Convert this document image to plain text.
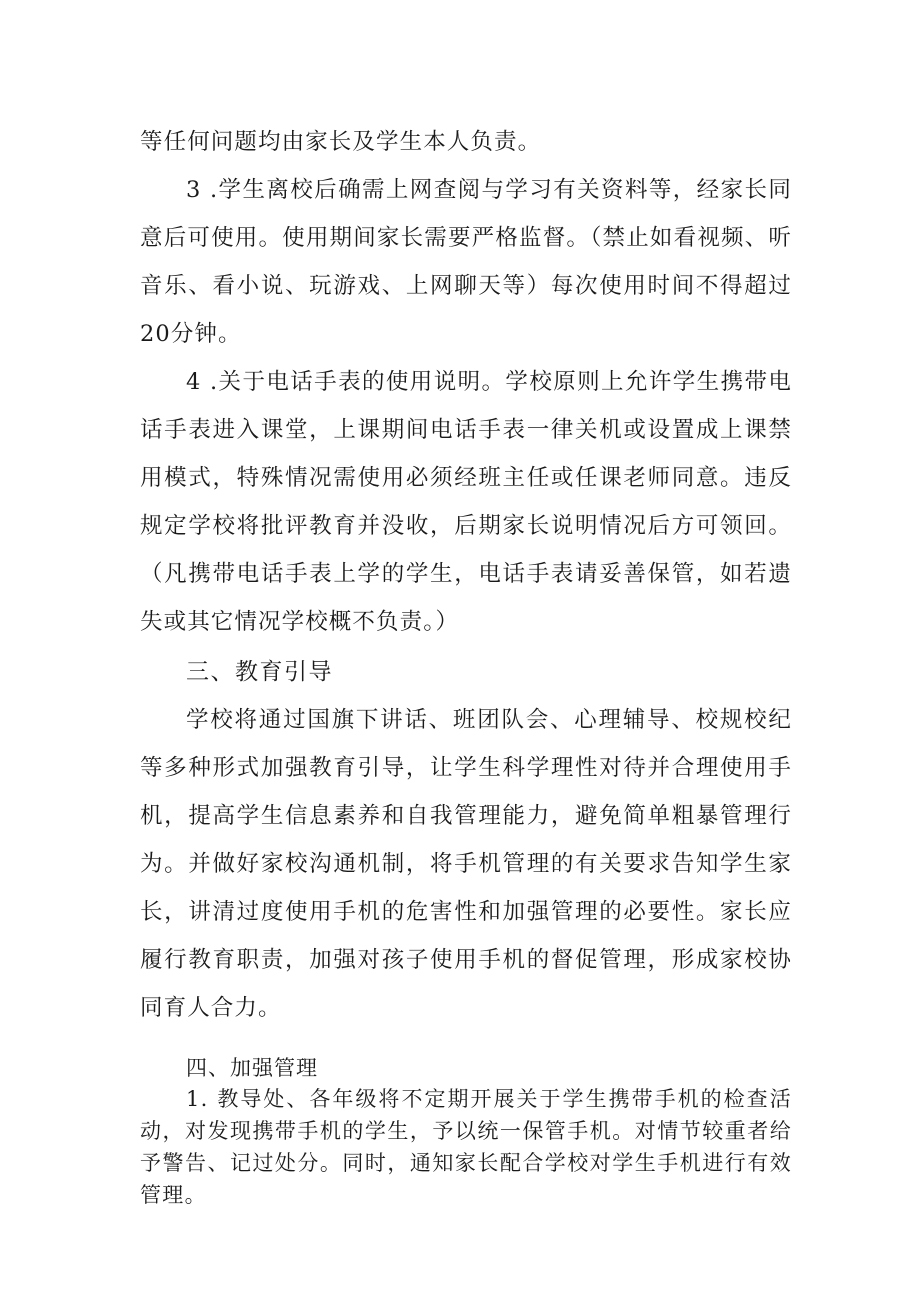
等任何问题均由家长及学生本人负责。

3 .学生离校后确需上网查阅与学习有关资料等，经家长同意后可使用。使用期间家长需要严格监督。（禁止如看视频、听音乐、看小说、玩游戏、上网聊天等）每次使用时间不得超过20分钟。

4 .关于电话手表的使用说明。学校原则上允许学生携带电话手表进入课堂，上课期间电话手表一律关机或设置成上课禁用模式，特殊情况需使用必须经班主任或任课老师同意。违反规定学校将批评教育并没收，后期家长说明情况后方可领回。（凡携带电话手表上学的学生，电话手表请妥善保管，如若遗失或其它情况学校概不负责。）

三、教育引导

学校将通过国旗下讲话、班团队会、心理辅导、校规校纪等多种形式加强教育引导，让学生科学理性对待并合理使用手机，提高学生信息素养和自我管理能力，避免简单粗暴管理行为。并做好家校沟通机制，将手机管理的有关要求告知学生家长，讲清过度使用手机的危害性和加强管理的必要性。家长应履行教育职责，加强对孩子使用手机的督促管理，形成家校协同育人合力。

四、加强管理

1. 教导处、各年级将不定期开展关于学生携带手机的检查活动，对发现携带手机的学生，予以统一保管手机。对情节较重者给予警告、记过处分。同时，通知家长配合学校对学生手机进行有效管理。
